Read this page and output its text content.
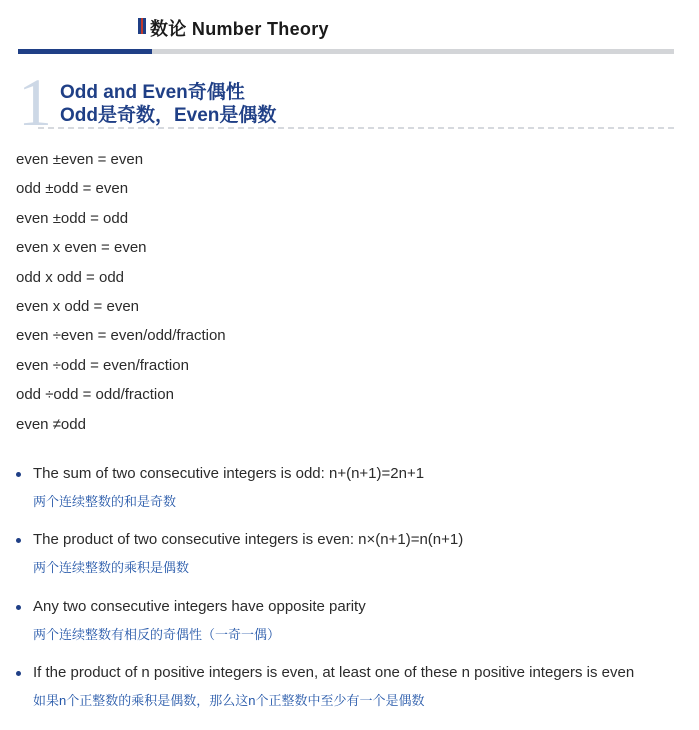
数论 Number Theory
1 Odd and Even奇偶性
Odd是奇数，Even是偶数
even ±even = even
odd ±odd = even
even ±odd = odd
even x even = even
odd x odd = odd
even x odd = even
even ÷even = even/odd/fraction
even ÷odd = even/fraction
odd ÷odd = odd/fraction
even ≠odd
The sum of two consecutive integers is odd: n+(n+1)=2n+1
两个连续整数的和是奇数
The product of two consecutive integers is even: n×(n+1)=n(n+1)
两个连续整数的乘积是偶数
Any two consecutive integers have opposite parity
两个连续整数有相反的奇偶性（一奇一偶）
If the product of n positive integers is even, at least one of these n positive integers is even
如果n个正整数的乘积是偶数，那么这n个正整数中至少有一个是偶数
